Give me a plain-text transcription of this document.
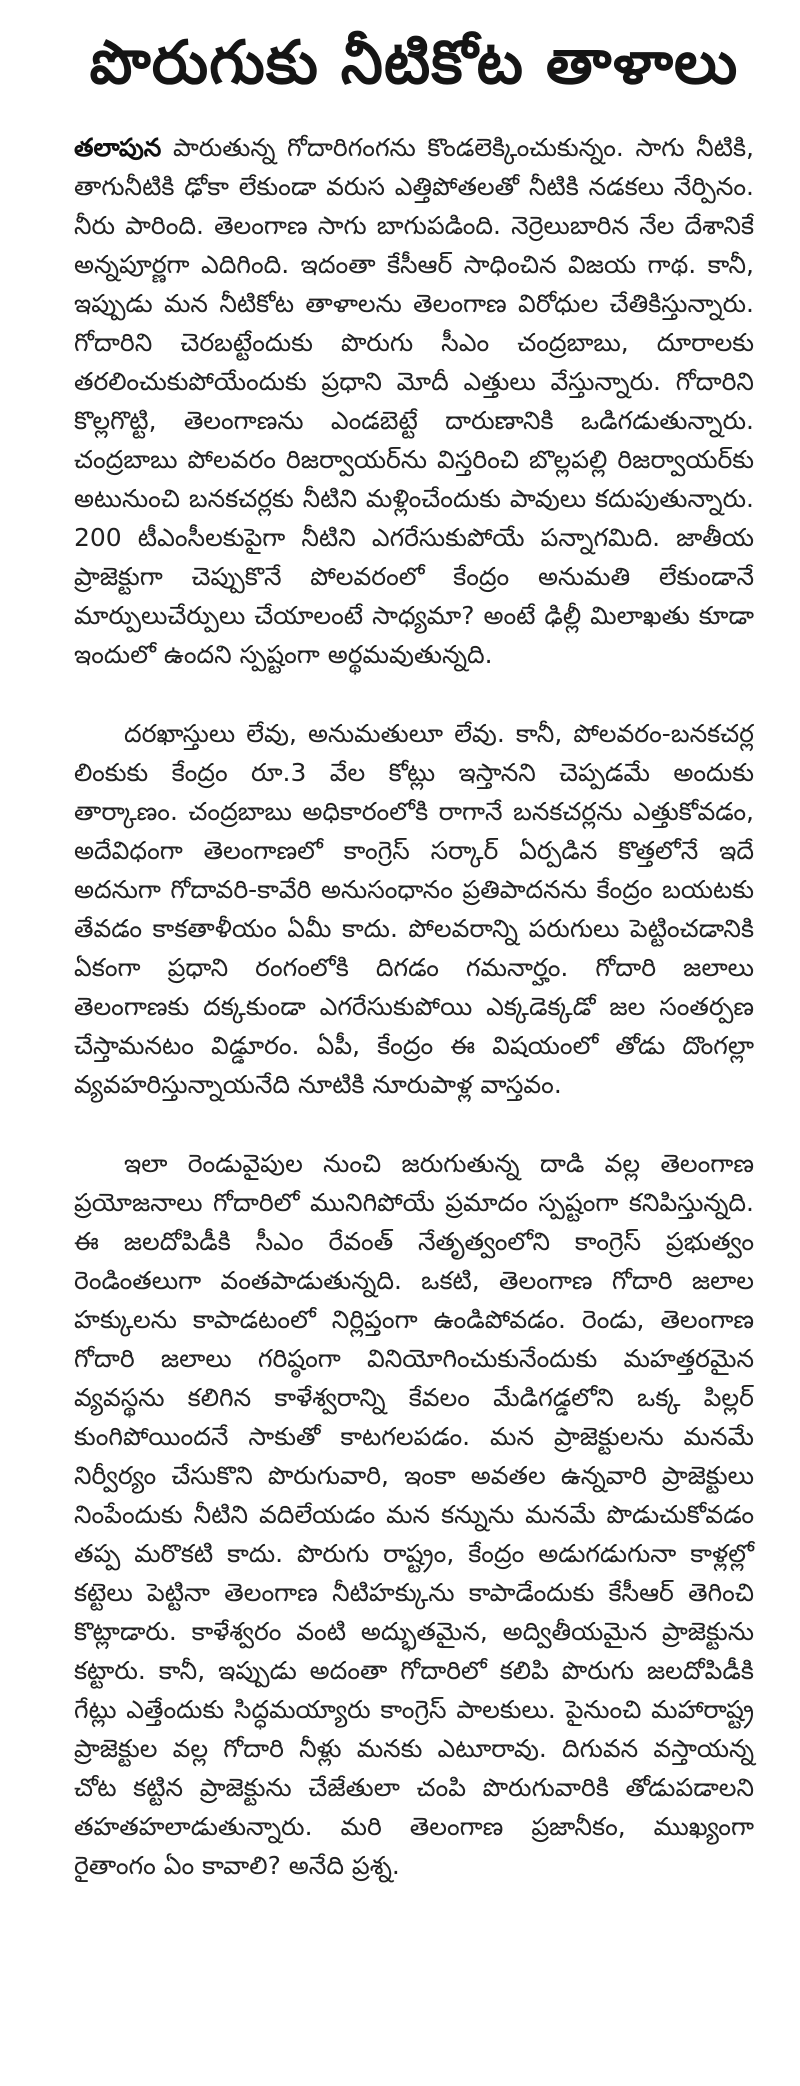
పొరుగుకు నీటికోట తాళాలు

తలాపున పారుతున్న గోదారిగంగను కొండలెక్కించుకున్నం. సాగు నీటికి, తాగునీటికి ఢోకా లేకుండా వరుస ఎత్తిపోతలతో నీటికి నడకలు నేర్పినం. నీరు పారింది. తెలంగాణ సాగు బాగుపడింది. నెర్రెలుబారిన నేల దేశానికే అన్నపూర్ణగా ఎదిగింది. ఇదంతా కేసీఆర్ సాధించిన విజయ గాథ. కానీ, ఇప్పుడు మన నీటికోట తాళాలను తెలంగాణ విరోధుల చేతికిస్తున్నారు. గోదారిని చెరబట్టేందుకు పొరుగు సీఎం చంద్రబాబు, దూరాలకు తరలించుకుపోయేందుకు ప్రధాని మోదీ ఎత్తులు వేస్తున్నారు. గోదారిని కొల్లగొట్టి, తెలంగాణను ఎండబెట్టే దారుణానికి ఒడిగడుతున్నారు. చంద్రబాబు పోలవరం రిజర్వాయర్‌ను విస్తరించి బొల్లపల్లి రిజర్వాయర్‌కు అటునుంచి బనకచర్లకు నీటిని మళ్లించేందుకు పావులు కదుపుతున్నారు. 200 టీఎంసీలకుపైగా నీటిని ఎగరేసుకుపోయే పన్నాగమిది. జాతీయ ప్రాజెక్టుగా చెప్పుకొనే పోలవరంలో కేంద్రం అనుమతి లేకుండానే మార్పులుచేర్పులు చేయాలంటే సాధ్యమా? అంటే ఢిల్లీ మిలాఖతు కూడా ఇందులో ఉందని స్పష్టంగా అర్థమవుతున్నది.

దరఖాస్తులు లేవు, అనుమతులూ లేవు. కానీ, పోలవరం-బనకచర్ల లింకుకు కేంద్రం రూ.3 వేల కోట్లు ఇస్తానని చెప్పడమే అందుకు తార్కాణం. చంద్రబాబు అధికారంలోకి రాగానే బనకచర్లను ఎత్తుకోవడం, అదేవిధంగా తెలంగాణలో కాంగ్రెస్ సర్కార్ ఏర్పడిన కొత్తలోనే ఇదే అదనుగా గోదావరి-కావేరి అనుసంధానం ప్రతిపాదనను కేంద్రం బయటకు తేవడం కాకతాళీయం ఏమీ కాదు. పోలవరాన్ని పరుగులు పెట్టించడానికి ఏకంగా ప్రధాని రంగంలోకి దిగడం గమనార్హం. గోదారి జలాలు తెలంగాణకు దక్కకుండా ఎగరేసుకుపోయి ఎక్కడెక్కడో జల సంతర్పణ చేస్తామనటం విడ్డూరం. ఏపీ, కేంద్రం ఈ విషయంలో తోడు దొంగల్లా వ్యవహరిస్తున్నాయనేది నూటికి నూరుపాళ్ల వాస్తవం.

ఇలా రెండువైపుల నుంచి జరుగుతున్న దాడి వల్ల తెలంగాణ ప్రయోజనాలు గోదారిలో మునిగిపోయే ప్రమాదం స్పష్టంగా కనిపిస్తున్నది. ఈ జలదోపిడీకి సీఎం రేవంత్ నేతృత్వంలోని కాంగ్రెస్ ప్రభుత్వం రెండింతలుగా వంతపాడుతున్నది. ఒకటి, తెలంగాణ గోదారి జలాల హక్కులను కాపాడటంలో నిర్లిప్తంగా ఉండిపోవడం. రెండు, తెలంగాణ గోదారి జలాలు గరిష్ఠంగా వినియోగించుకునేందుకు మహత్తరమైన వ్యవస్థను కలిగిన కాళేశ్వరాన్ని కేవలం మేడిగడ్డలోని ఒక్క పిల్లర్ కుంగిపోయిందనే సాకుతో కాటగలపడం. మన ప్రాజెక్టులను మనమే నిర్వీర్యం చేసుకొని పొరుగువారి, ఇంకా అవతల ఉన్నవారి ప్రాజెక్టులు నింపేందుకు నీటిని వదిలేయడం మన కన్నును మనమే పొడుచుకోవడం తప్ప మరొకటి కాదు. పొరుగు రాష్ట్రం, కేంద్రం అడుగడుగునా కాళ్లల్లో కట్టెలు పెట్టినా తెలంగాణ నీటిహక్కును కాపాడేందుకు కేసీఆర్ తెగించి కొట్లాడారు. కాళేశ్వరం వంటి అద్భుతమైన, అద్వితీయమైన ప్రాజెక్టును కట్టారు. కానీ, ఇప్పుడు అదంతా గోదారిలో కలిపి పొరుగు జలదోపిడీకి గేట్లు ఎత్తేందుకు సిద్ధమయ్యారు కాంగ్రెస్ పాలకులు. పైనుంచి మహారాష్ట్ర ప్రాజెక్టుల వల్ల గోదారి నీళ్లు మనకు ఎటూరావు. దిగువన వస్తాయన్న చోట కట్టిన ప్రాజెక్టును చేజేతులా చంపి పొరుగువారికి తోడుపడాలని తహతహలాడుతున్నారు. మరి తెలంగాణ ప్రజానీకం, ముఖ్యంగా రైతాంగం ఏం కావాలి? అనేది ప్రశ్న.
